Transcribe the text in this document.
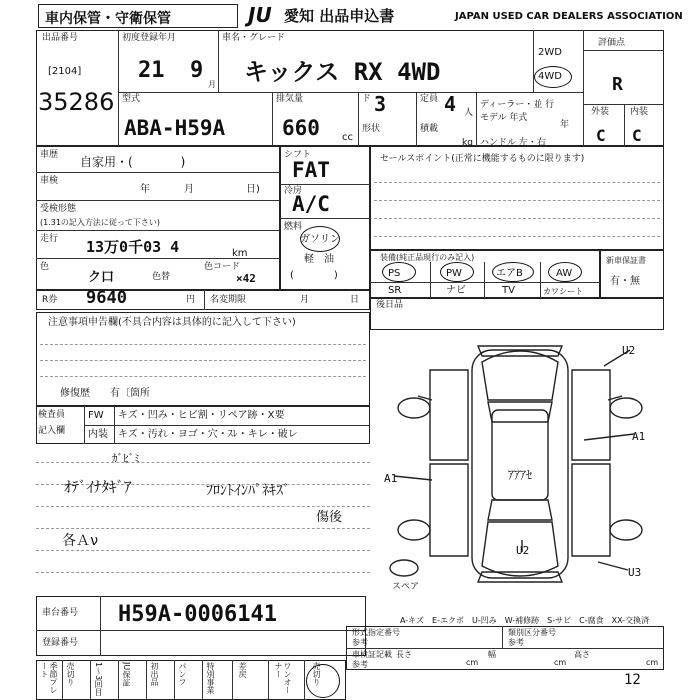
車内保管・守衛保管	JU 愛知 出品申込書	JAPAN USED CAR DEALERS ASSOCIATION
出品番号
[2104]
35286
初度登録年月
21 9
月
車名・グレード
キックス RX 4WD
2WD
4WD
評価点
R
外装 内装
C C
型式
ABA-H59A
排気量
660 cc
ド 3
形状
定員 4 人
積載
kg
ディーラー・並 行
モデル 年式
年
ハンドル 左・右
車歴 自家用・(　　　　)
車検
年	月	日)
受検形態
(1.31の記入方法に従って下さい)
走行 13万0千03 4	km
色
ク口	色替
色コード
×42
シフト
FAT
冷房
A/C
燃料
ガソリン
軽　油
(　　　　)
セールスポイント(正常に機能するものに限ります)
装備(純正品現行のみ記入)
PS	PW	エアB	AW
SR	ナビ	TV	カワシート
新車保証書
有・無
R券 9640	円 名変期限	月	日 後日品
注意事項申告欄(不具合内容は具体的に記入して下さい)
修復歴　　有〔箇所
検査員
記入欄
FW キズ・凹み・ヒビ割・リペア跡・X要
内装 キズ・汚れ・ヨゴ・穴・ｽﾚ・キレ・破レ
ｶﾞﾋﾞﾐ
ｵﾃﾞｲﾅﾀｷﾞｱ	ﾌﾛﾝﾄｲﾝﾊﾟﾈｷｽﾞ
傷後
各Ａν
U2
A1
A1	ｱｱｱｾ
U2
U3
スペア
A-キズ　E-エクボ　U-凹み　W-補修跡　S-サビ　C-腐食　XX-交換済
車台番号 H59A-0006141
登録番号
形式指定番号
参考
類別区分番号
参考
車検証記載
参考
長さ
cm
幅
cm
高さ
cm
季節プレート	売切り 1～3回目 JU保証 初出品 パンフ 特別事業	差戻	ワンオーナー	売切り	12
